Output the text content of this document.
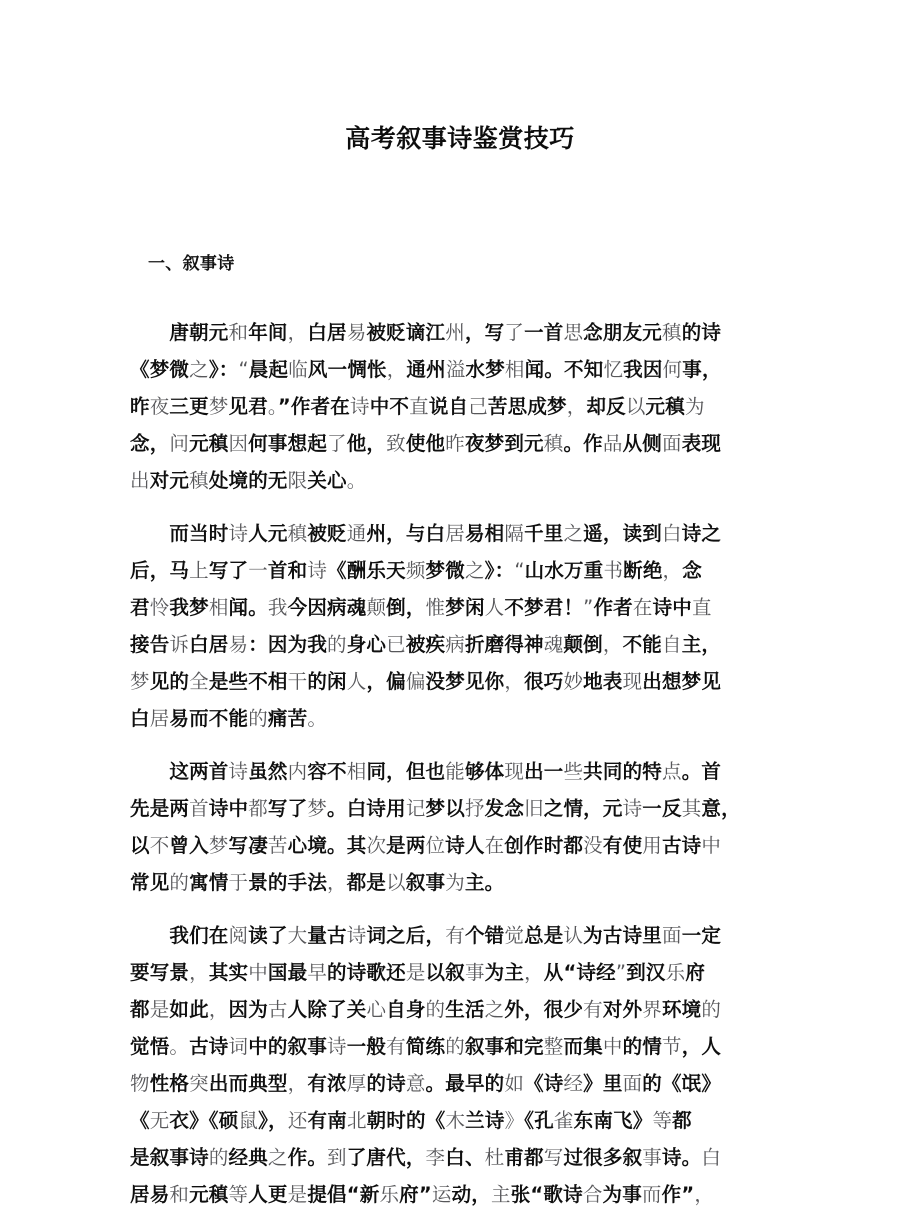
高考叙事诗鉴赏技巧
一、叙事诗
　　唐朝元和年间，白居易被贬谪江州，写了一首思念朋友元稹的诗
《梦微之》：“晨起临风一惆怅，通州溢水梦相闻。不知忆我因何事，
昨夜三更梦见君。”作者在诗中不直说自己苦思成梦，却反以元稹为
念，问元稹因何事想起了他，致使他昨夜梦到元稹。作品从侧面表现
出对元稹处境的无限关心。
　　而当时诗人元稹被贬通州，与白居易相隔千里之遥，读到白诗之
后，马上写了一首和诗《酬乐天频梦微之》：“山水万重书断绝，念
君怜我梦相闻。我今因病魂颠倒，惟梦闲人不梦君！”作者在诗中直
接告诉白居易：因为我的身心已被疾病折磨得神魂颠倒，不能自主，
梦见的全是些不相干的闲人，偏偏没梦见你，很巧妙地表现出想梦见
白居易而不能的痛苦。
　　这两首诗虽然内容不相同，但也能够体现出一些共同的特点。首
先是两首诗中都写了梦。白诗用记梦以抒发念旧之情，元诗一反其意，
以不曾入梦写凄苦心境。其次是两位诗人在创作时都没有使用古诗中
常见的寓情于景的手法，都是以叙事为主。
　　我们在阅读了大量古诗词之后，有个错觉总是认为古诗里面一定
要写景，其实中国最早的诗歌还是以叙事为主，从“诗经”到汉乐府
都是如此，因为古人除了关心自身的生活之外，很少有对外界环境的
觉悟。古诗词中的叙事诗一般有简练的叙事和完整而集中的情节，人
物性格突出而典型，有浓厚的诗意。最早的如《诗经》里面的《氓》
《无衣》《硕鼠》，还有南北朝时的《木兰诗》《孔雀东南飞》等都
是叙事诗的经典之作。到了唐代，李白、杜甫都写过很多叙事诗。白
居易和元稹等人更是提倡“新乐府”运动，主张“歌诗合为事而作”，
